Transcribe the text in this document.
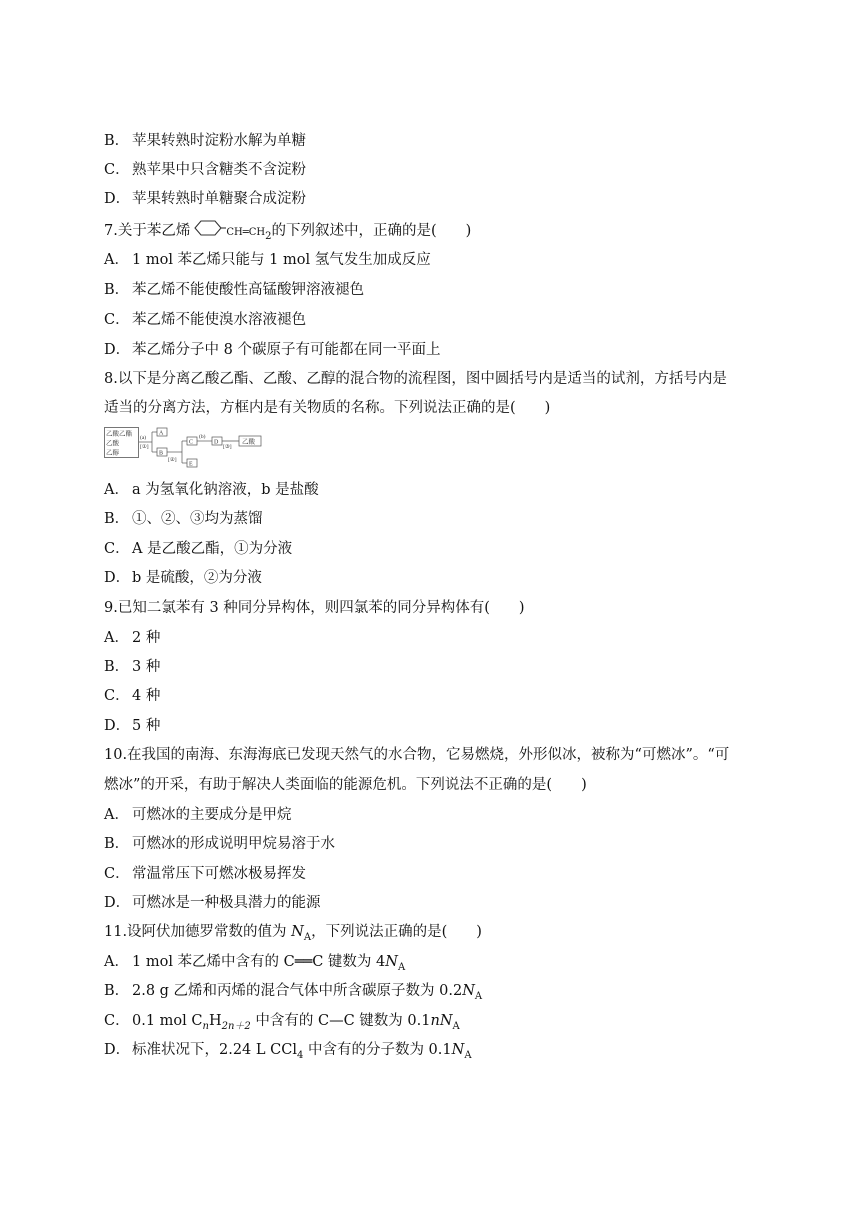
B． 苹果转熟时淀粉水解为单糖
C． 熟苹果中只含糖类不含淀粉
D． 苹果转熟时单糖聚合成淀粉
7.关于苯乙烯	$CH═CH_2$的下列叙述中，正确的是(　　)
A． 1 mol 苯乙烯只能与 1 mol 氢气发生加成反应
B． 苯乙烯不能使酸性高锰酸钾溶液褪色
C． 苯乙烯不能使溴水溶液褪色
D． 苯乙烯分子中 8 个碳原子有可能都在同一平面上
8.以下是分离乙酸乙酯、乙酸、乙醇的混合物的流程图，图中圆括号内是适当的试剂，方括号内是
适当的分离方法，方框内是有关物质的名称。下列说法正确的是(　　)
乙酸乙酯
乙酸
乙醇
(a)
[①]
A
B
[②]
C
E
(b)
D
[③]
乙酸
A． a 为氢氧化钠溶液，b 是盐酸
B． ①、②、③均为蒸馏
C． A 是乙酸乙酯，①为分液
D． b 是硫酸，②为分液
9.已知二氯苯有 3 种同分异构体，则四氯苯的同分异构体有(　　)
A． 2 种
B． 3 种
C． 4 种
D． 5 种
10.在我国的南海、东海海底已发现天然气的水合物，它易燃烧，外形似冰，被称为“可燃冰”。“可
燃冰”的开采，有助于解决人类面临的能源危机。下列说法不正确的是(　　)
A． 可燃冰的主要成分是甲烷
B． 可燃冰的形成说明甲烷易溶于水
C． 常温常压下可燃冰极易挥发
D． 可燃冰是一种极具潜力的能源
11.设阿伏加德罗常数的值为 $N_A$，下列说法正确的是(　　)
A． 1 mol 苯乙烯中含有的 C══C 键数为 $4N_A$
B． 2.8 g 乙烯和丙烯的混合气体中所含碳原子数为 $0.2N_A$
C． 0.1 mol $C_nH_{2n+2}$ 中含有的 C—C 键数为 $0.1nN_A$
D． 标准状况下，2.24 L CCl$_4$ 中含有的分子数为 $0.1N_A$
